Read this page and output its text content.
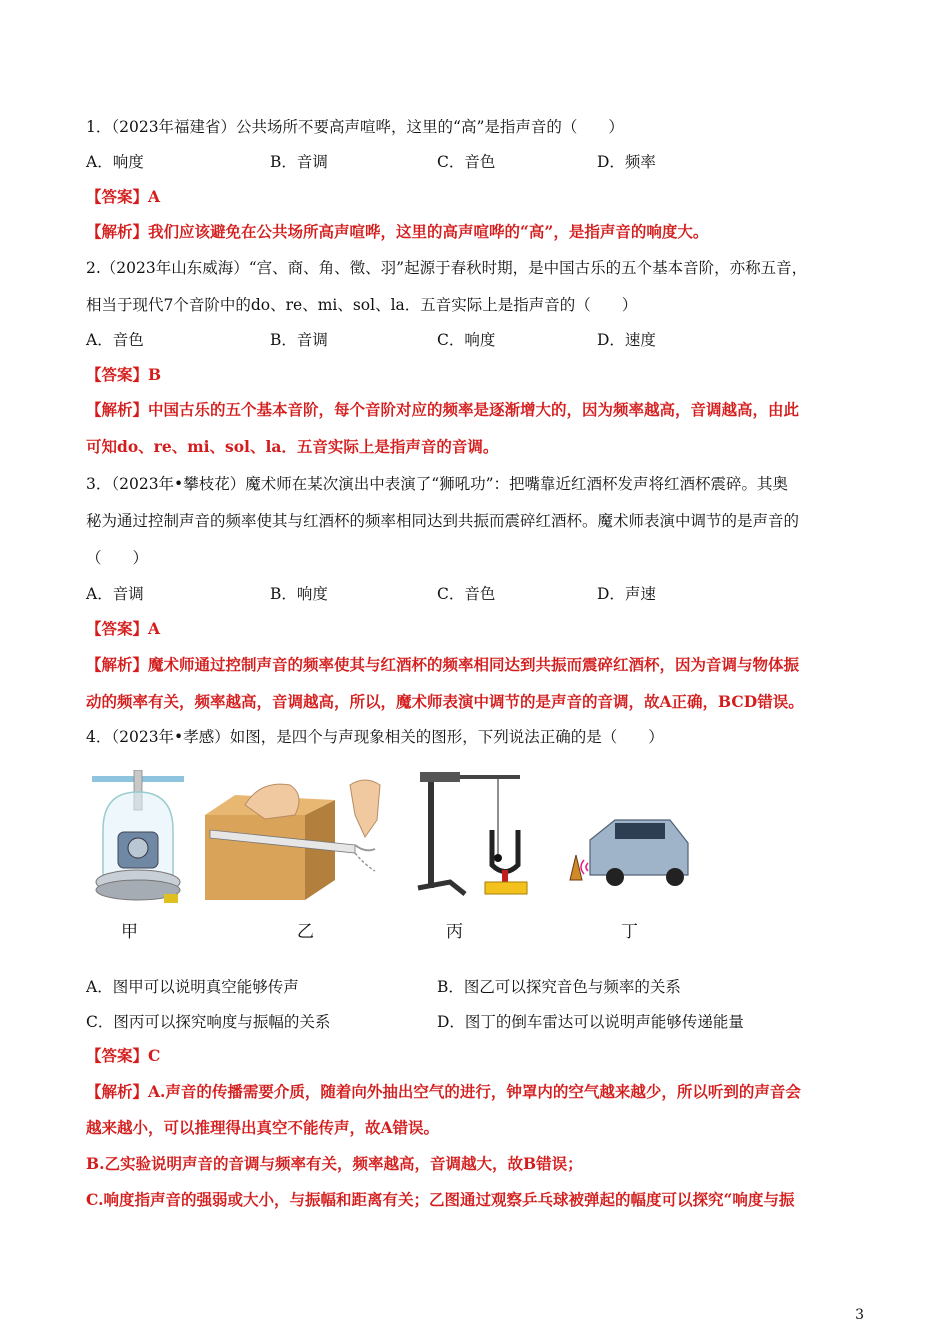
1．（2023年福建省）公共场所不要高声喧哗，这里的“高”是指声音的（　　）
A．响度	B．音调	C．音色	D．频率
【答案】A
【解析】我们应该避免在公共场所高声喧哗，这里的高声喧哗的“高”，是指声音的响度大。
2.（2023年山东威海）“宫、商、角、徵、羽”起源于春秋时期，是中国古乐的五个基本音阶，亦称五音，
相当于现代7个音阶中的do、re、mi、sol、la．五音实际上是指声音的（　　）
A．音色	B．音调	C．响度	D．速度
【答案】B
【解析】中国古乐的五个基本音阶，每个音阶对应的频率是逐渐增大的，因为频率越高，音调越高，由此
可知do、re、mi、sol、la．五音实际上是指声音的音调。
3．（2023年•攀枝花）魔术师在某次演出中表演了“狮吼功”：把嘴靠近红酒杯发声将红酒杯震碎。其奥
秘为通过控制声音的频率使其与红酒杯的频率相同达到共振而震碎红酒杯。魔术师表演中调节的是声音的
（　　）
A．音调	B．响度	C．音色	D．声速
【答案】A
【解析】魔术师通过控制声音的频率使其与红酒杯的频率相同达到共振而震碎红酒杯，因为音调与物体振
动的频率有关，频率越高，音调越高，所以，魔术师表演中调节的是声音的音调，故A正确，BCD错误。
4．（2023年•孝感）如图，是四个与声现象相关的图形，下列说法正确的是（　　）
甲	乙	丙	丁
A．图甲可以说明真空能够传声	B．图乙可以探究音色与频率的关系
C．图丙可以探究响度与振幅的关系	D．图丁的倒车雷达可以说明声能够传递能量
【答案】C
【解析】A.声音的传播需要介质，随着向外抽出空气的进行，钟罩内的空气越来越少，所以听到的声音会
越来越小，可以推理得出真空不能传声，故A错误。
B.乙实验说明声音的音调与频率有关，频率越高，音调越大，故B错误；
C.响度指声音的强弱或大小，与振幅和距离有关；乙图通过观察乒乓球被弹起的幅度可以探究“响度与振
3
